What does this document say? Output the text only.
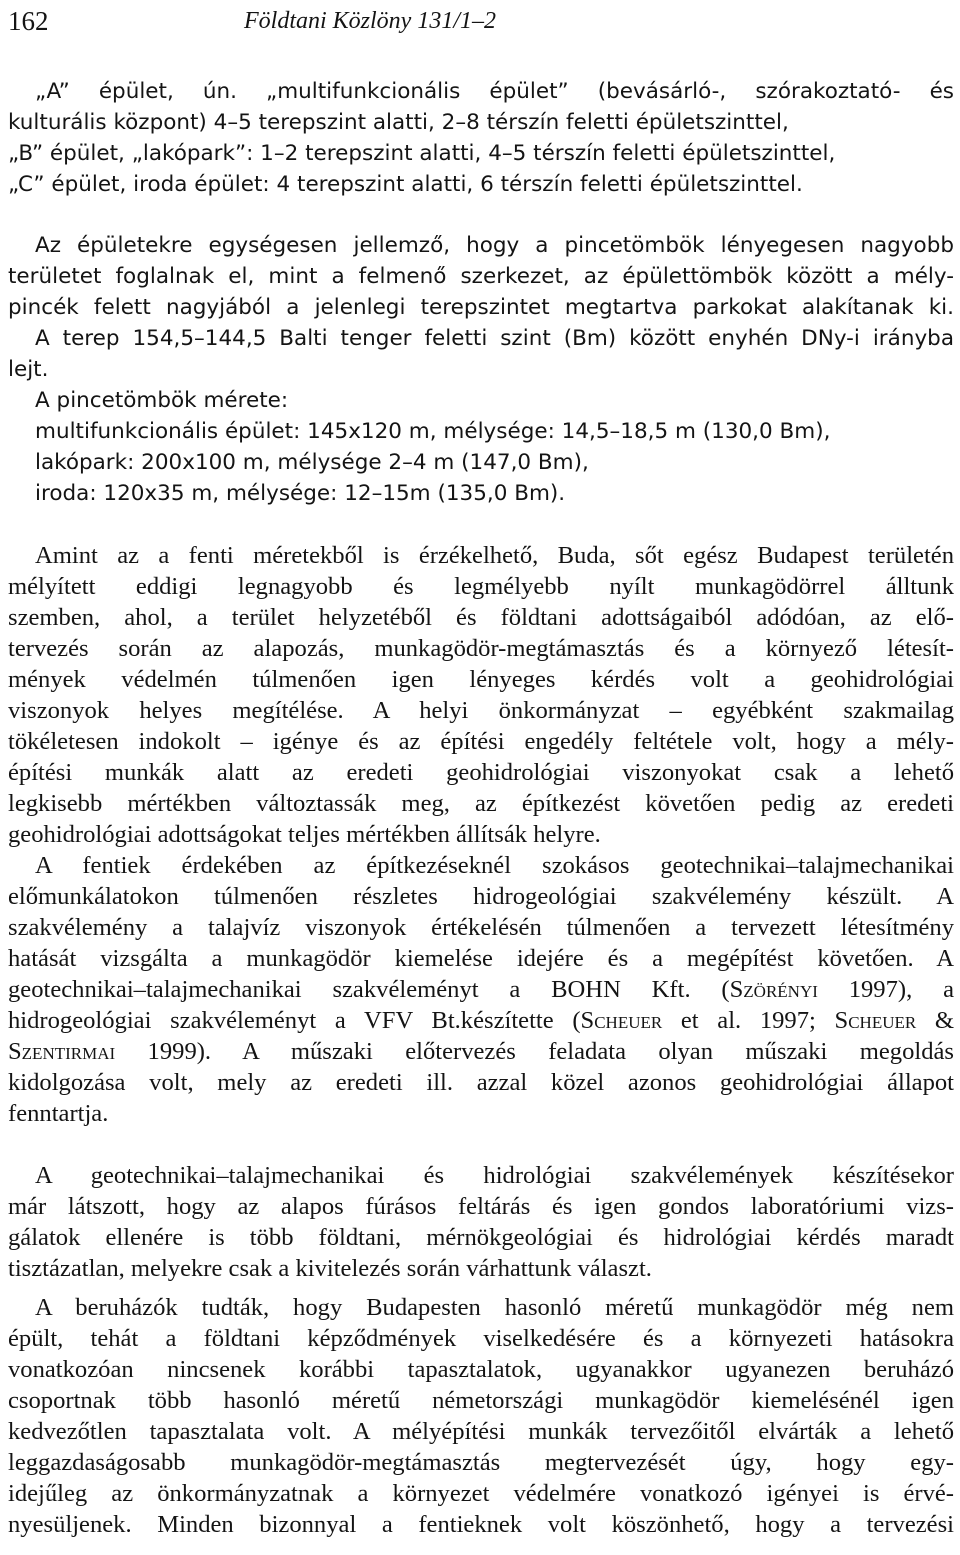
162	Földtani Közlöny 131/1–2
„A” épület, ún. „multifunkcionális épület” (bevásárló-, szórakoztató- és
kulturális központ) 4–5 terepszint alatti, 2–8 térszín feletti épületszinttel,
„B” épület, „lakópark”: 1–2 terepszint alatti, 4–5 térszín feletti épületszinttel,
„C” épület, iroda épület: 4 terepszint alatti, 6 térszín feletti épületszinttel.
Az épületekre egységesen jellemző, hogy a pincetömbök lényegesen nagyobb
területet foglalnak el, mint a felmenő szerkezet, az épülettömbök között a mély-
pincék felett nagyjából a jelenlegi terepszintet megtartva parkokat alakítanak ki.
A terep 154,5–144,5 Balti tenger feletti szint (Bm) között enyhén DNy-i irányba
lejt.
A pincetömbök mérete:
multifunkcionális épület: 145x120 m, mélysége: 14,5–18,5 m (130,0 Bm),
lakópark: 200x100 m, mélysége 2–4 m (147,0 Bm),
iroda: 120x35 m, mélysége: 12–15m (135,0 Bm).
Amint az a fenti méretekből is érzékelhető, Buda, sőt egész Budapest területén
mélyített eddigi legnagyobb és legmélyebb nyílt munkagödörrel álltunk
szemben, ahol, a terület helyzetéből és földtani adottságaiból adódóan, az elő-
tervezés során az alapozás, munkagödör-megtámasztás és a környező létesít-
mények védelmén túlmenően igen lényeges kérdés volt a geohidrológiai
viszonyok helyes megítélése. A helyi önkormányzat – egyébként szakmailag
tökéletesen indokolt – igénye és az építési engedély feltétele volt, hogy a mély-
építési munkák alatt az eredeti geohidrológiai viszonyokat csak a lehető
legkisebb mértékben változtassák meg, az építkezést követően pedig az eredeti
geohidrológiai adottságokat teljes mértékben állítsák helyre.
A fentiek érdekében az építkezéseknél szokásos geotechnikai–talajmechanikai
előmunkálatokon túlmenően részletes hidrogeológiai szakvélemény készült. A
szakvélemény a talajvíz viszonyok értékelésén túlmenően a tervezett létesítmény
hatását vizsgálta a munkagödör kiemelése idejére és a megépítést követően. A
geotechnikai–talajmechanikai szakvéleményt a BOHN Kft. (Szörényi 1997), a
hidrogeológiai szakvéleményt a VFV Bt.készítette (Scheuer et al. 1997; Scheuer &
Szentirmai 1999). A műszaki előtervezés feladata olyan műszaki megoldás
kidolgozása volt, mely az eredeti ill. azzal közel azonos geohidrológiai állapot
fenntartja.
A geotechnikai–talajmechanikai és hidrológiai szakvélemények készítésekor
már látszott, hogy az alapos fúrásos feltárás és igen gondos laboratóriumi vizs-
gálatok ellenére is több földtani, mérnökgeológiai és hidrológiai kérdés maradt
tisztázatlan, melyekre csak a kivitelezés során várhattunk választ.
A beruházók tudták, hogy Budapesten hasonló méretű munkagödör még nem
épült, tehát a földtani képződmények viselkedésére és a környezeti hatásokra
vonatkozóan nincsenek korábbi tapasztalatok, ugyanakkor ugyanezen beruházó
csoportnak több hasonló méretű németországi munkagödör kiemelésénél igen
kedvezőtlen tapasztalata volt. A mélyépítési munkák tervezőitől elvárták a lehető
leggazdaságosabb munkagödör-megtámasztás megtervezését úgy, hogy egy-
idejűleg az önkormányzatnak a környezet védelmére vonatkozó igényei is érvé-
nyesüljenek. Minden bizonnyal a fentieknek volt köszönhető, hogy a tervezési
